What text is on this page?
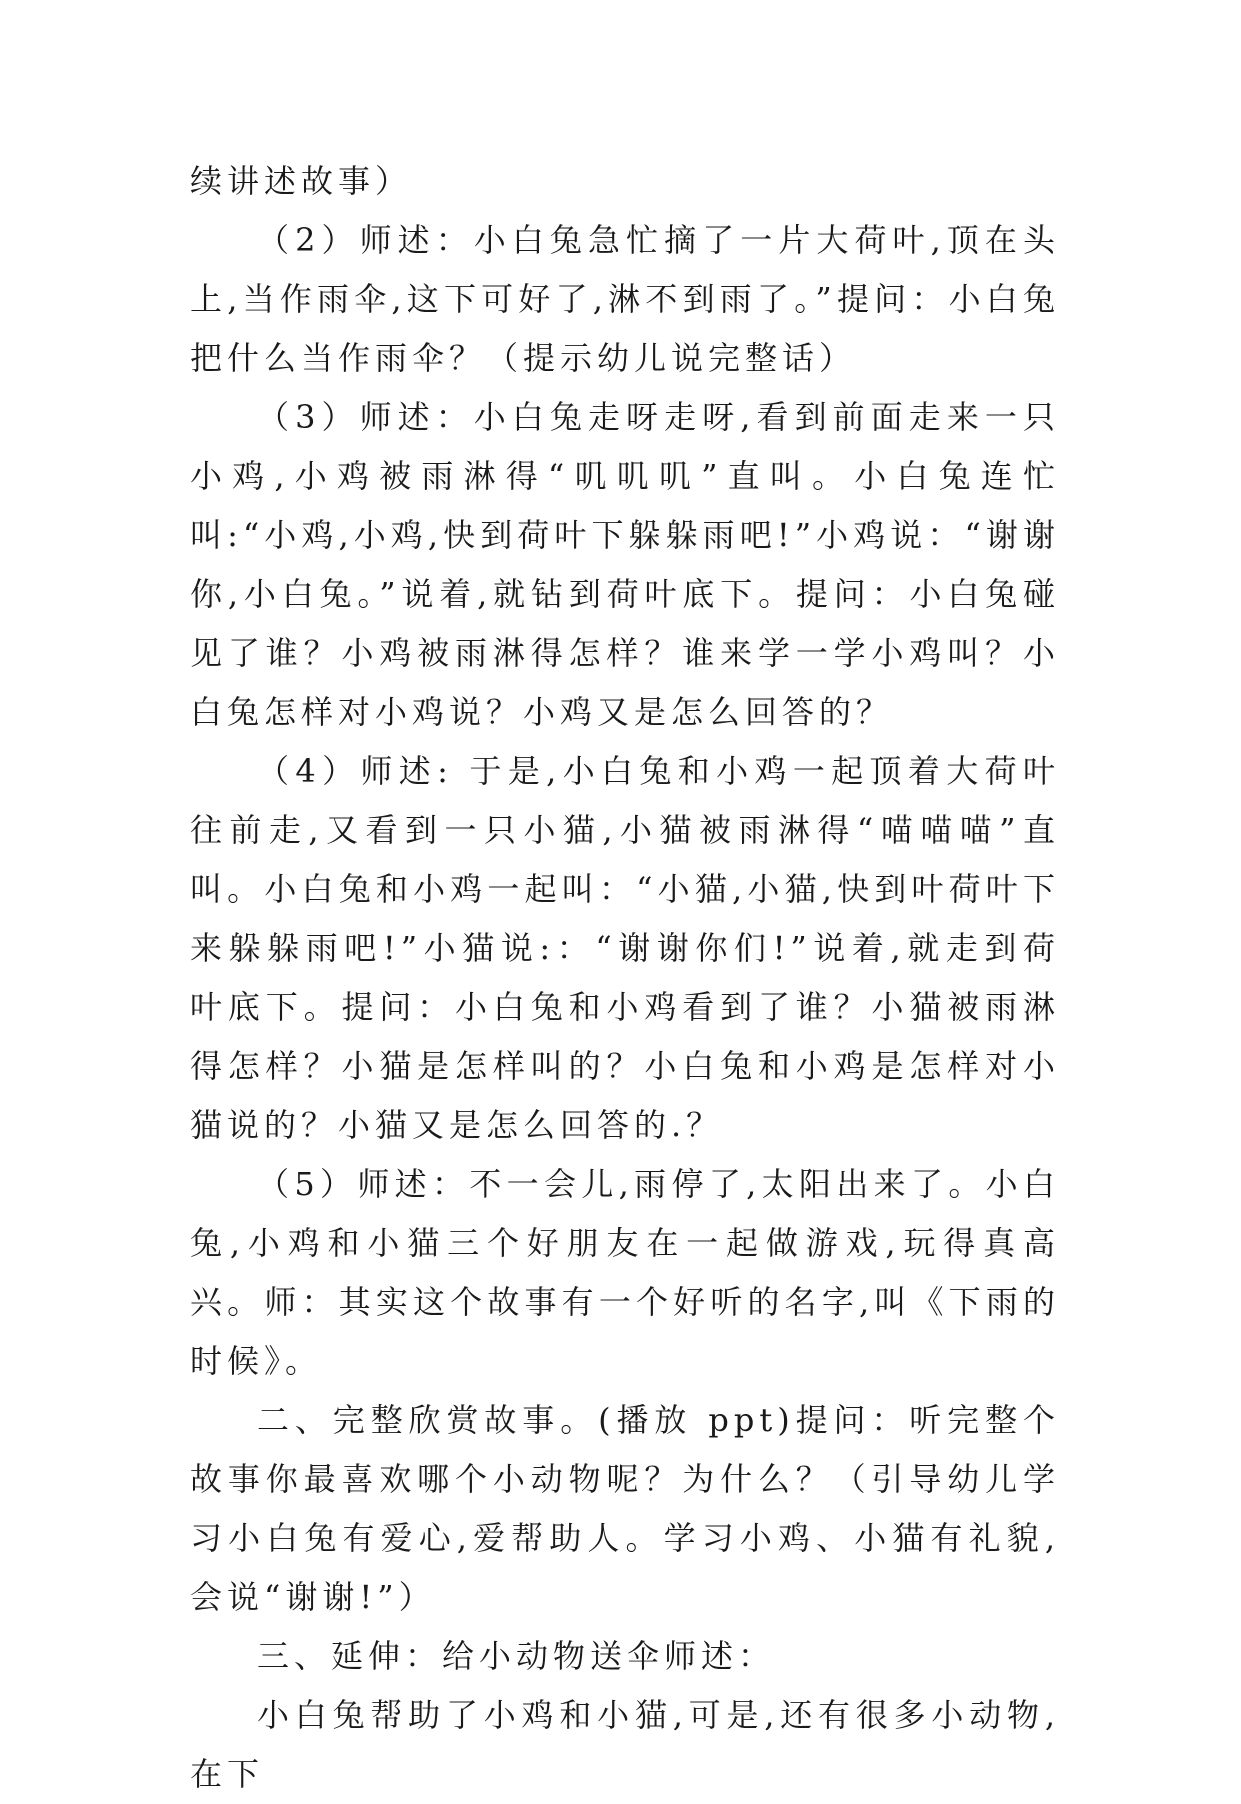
续讲述故事）

（2）师述：小白兔急忙摘了一片大荷叶,顶在头上,当作雨伞,这下可好了,淋不到雨了。”提问：小白兔把什么当作雨伞？（提示幼儿说完整话）

（3）师述：小白兔走呀走呀,看到前面走来一只小鸡,小鸡被雨淋得“叽叽叽”直叫。小白兔连忙叫:“小鸡,小鸡,快到荷叶下躲躲雨吧!”小鸡说：“谢谢你,小白兔。”说着,就钻到荷叶底下。提问：小白兔碰见了谁？小鸡被雨淋得怎样？谁来学一学小鸡叫？小白兔怎样对小鸡说？小鸡又是怎么回答的？

（4）师述: 于是,小白兔和小鸡一起顶着大荷叶往前走,又看到一只小猫,小猫被雨淋得“喵喵喵”直叫。小白兔和小鸡一起叫：“小猫,小猫,快到叶荷叶下来躲躲雨吧!”小猫说:：“谢谢你们!”说着,就走到荷叶底下。提问：小白兔和小鸡看到了谁？小猫被雨淋得怎样？小猫是怎样叫的？小白兔和小鸡是怎样对小猫说的？小猫又是怎么回答的.？

（5）师述：不一会儿,雨停了,太阳出来了。小白兔,小鸡和小猫三个好朋友在一起做游戏,玩得真高兴。师：其实这个故事有一个好听的名字,叫《下雨的时候》。

二、完整欣赏故事。(播放 ppt)提问：听完整个故事你最喜欢哪个小动物呢？为什么？（引导幼儿学习小白兔有爱心,爱帮助人。学习小鸡、小猫有礼貌,会说“谢谢!”）

三、延伸：给小动物送伞师述：

小白兔帮助了小鸡和小猫,可是,还有很多小动物,在下
